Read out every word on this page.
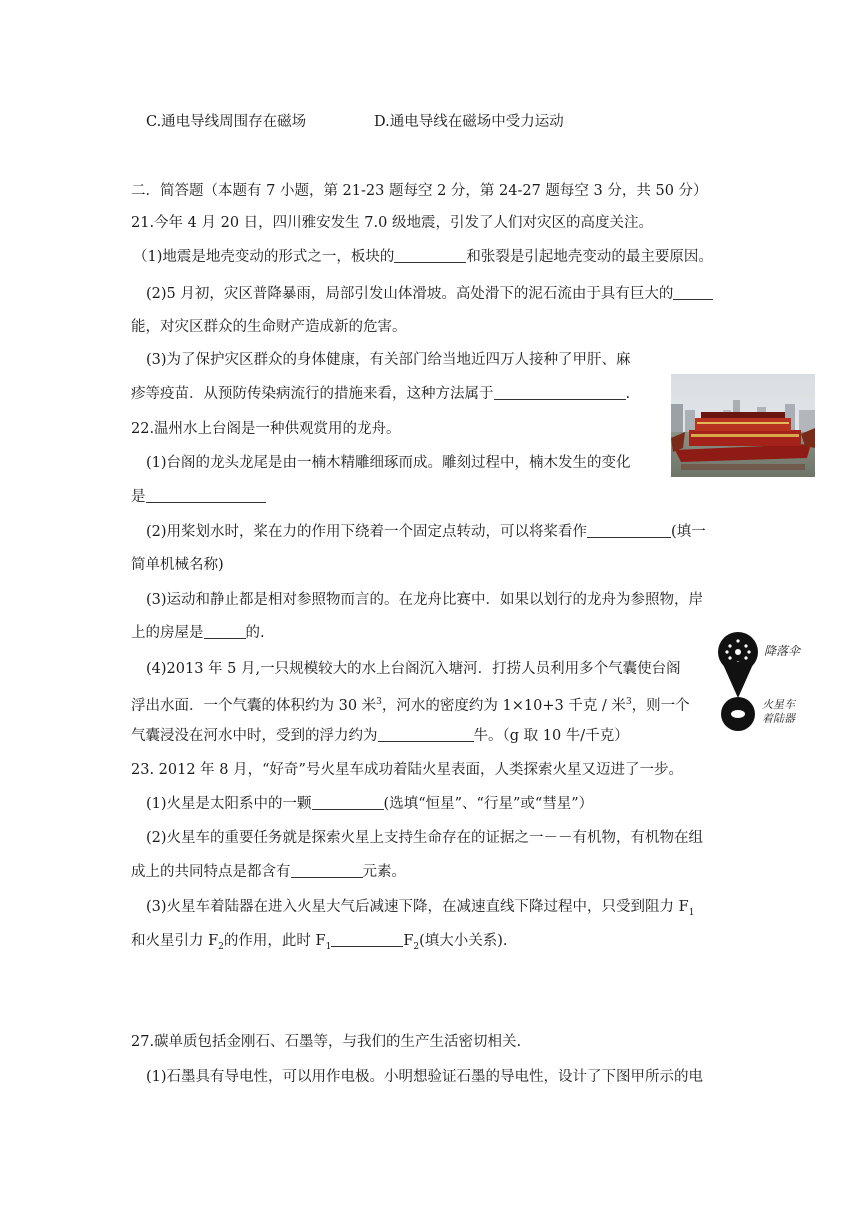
C.通电导线周围存在磁场	D.通电导线在磁场中受力运动
二．简答题（本题有 7 小题，第 21-23 题每空 2 分，第 24-27 题每空 3 分，共 50 分）
21.今年 4 月 20 日，四川雅安发生 7.0 级地震，引发了人们对灾区的高度关注。
（1)地震是地壳变动的形式之一，板块的	和张裂是引起地壳变动的最主要原因。
(2)5 月初，灾区普降暴雨，局部引发山体滑坡。高处滑下的泥石流由于具有巨大的
能，对灾区群众的生命财产造成新的危害。
(3)为了保护灾区群众的身体健康，有关部门给当地近四万人接种了甲肝、麻
疹等疫苗．从预防传染病流行的措施来看，这种方法属于	.
22.温州水上台阁是一种供观赏用的龙舟。
(1)台阁的龙头龙尾是由一楠木精雕细琢而成。雕刻过程中，楠木发生的变化
是
(2)用桨划水时，桨在力的作用下绕着一个固定点转动，可以将桨看作	(填一
简单机械名称)
(3)运动和静止都是相对参照物而言的。在龙舟比赛中．如果以划行的龙舟为参照物，岸
上的房屋是	的.
(4)2013 年 5 月,一只规模较大的水上台阁沉入塘河．打捞人员利用多个气囊使台阁
浮出水面．一个气囊的体积约为 30 米$^3$，河水的密度约为 1×10+3 千克 / 米$^3$，则一个
气囊浸没在河水中时，受到的浮力约为	牛。（g 取 10 牛/千克）
降落伞
火星车
着陆器
23. 2012 年 8 月，“好奇”号火星车成功着陆火星表面，人类探索火星又迈进了一步。
(1)火星是太阳系中的一颗	(选填“恒星”、“行星”或“彗星”）
(2)火星车的重要任务就是探索火星上支持生命存在的证据之一－－有机物，有机物在组
成上的共同特点是都含有	元素。
(3)火星车着陆器在进入火星大气后减速下降，在减速直线下降过程中，只受到阻力 $F_1$
和火星引力 $F_2$的作用，此时 $F_1$	$F_2$(填大小关系).
27.碳单质包括金刚石、石墨等，与我们的生产生活密切相关.
(1)石墨具有导电性，可以用作电极。小明想验证石墨的导电性，设计了下图甲所示的电
